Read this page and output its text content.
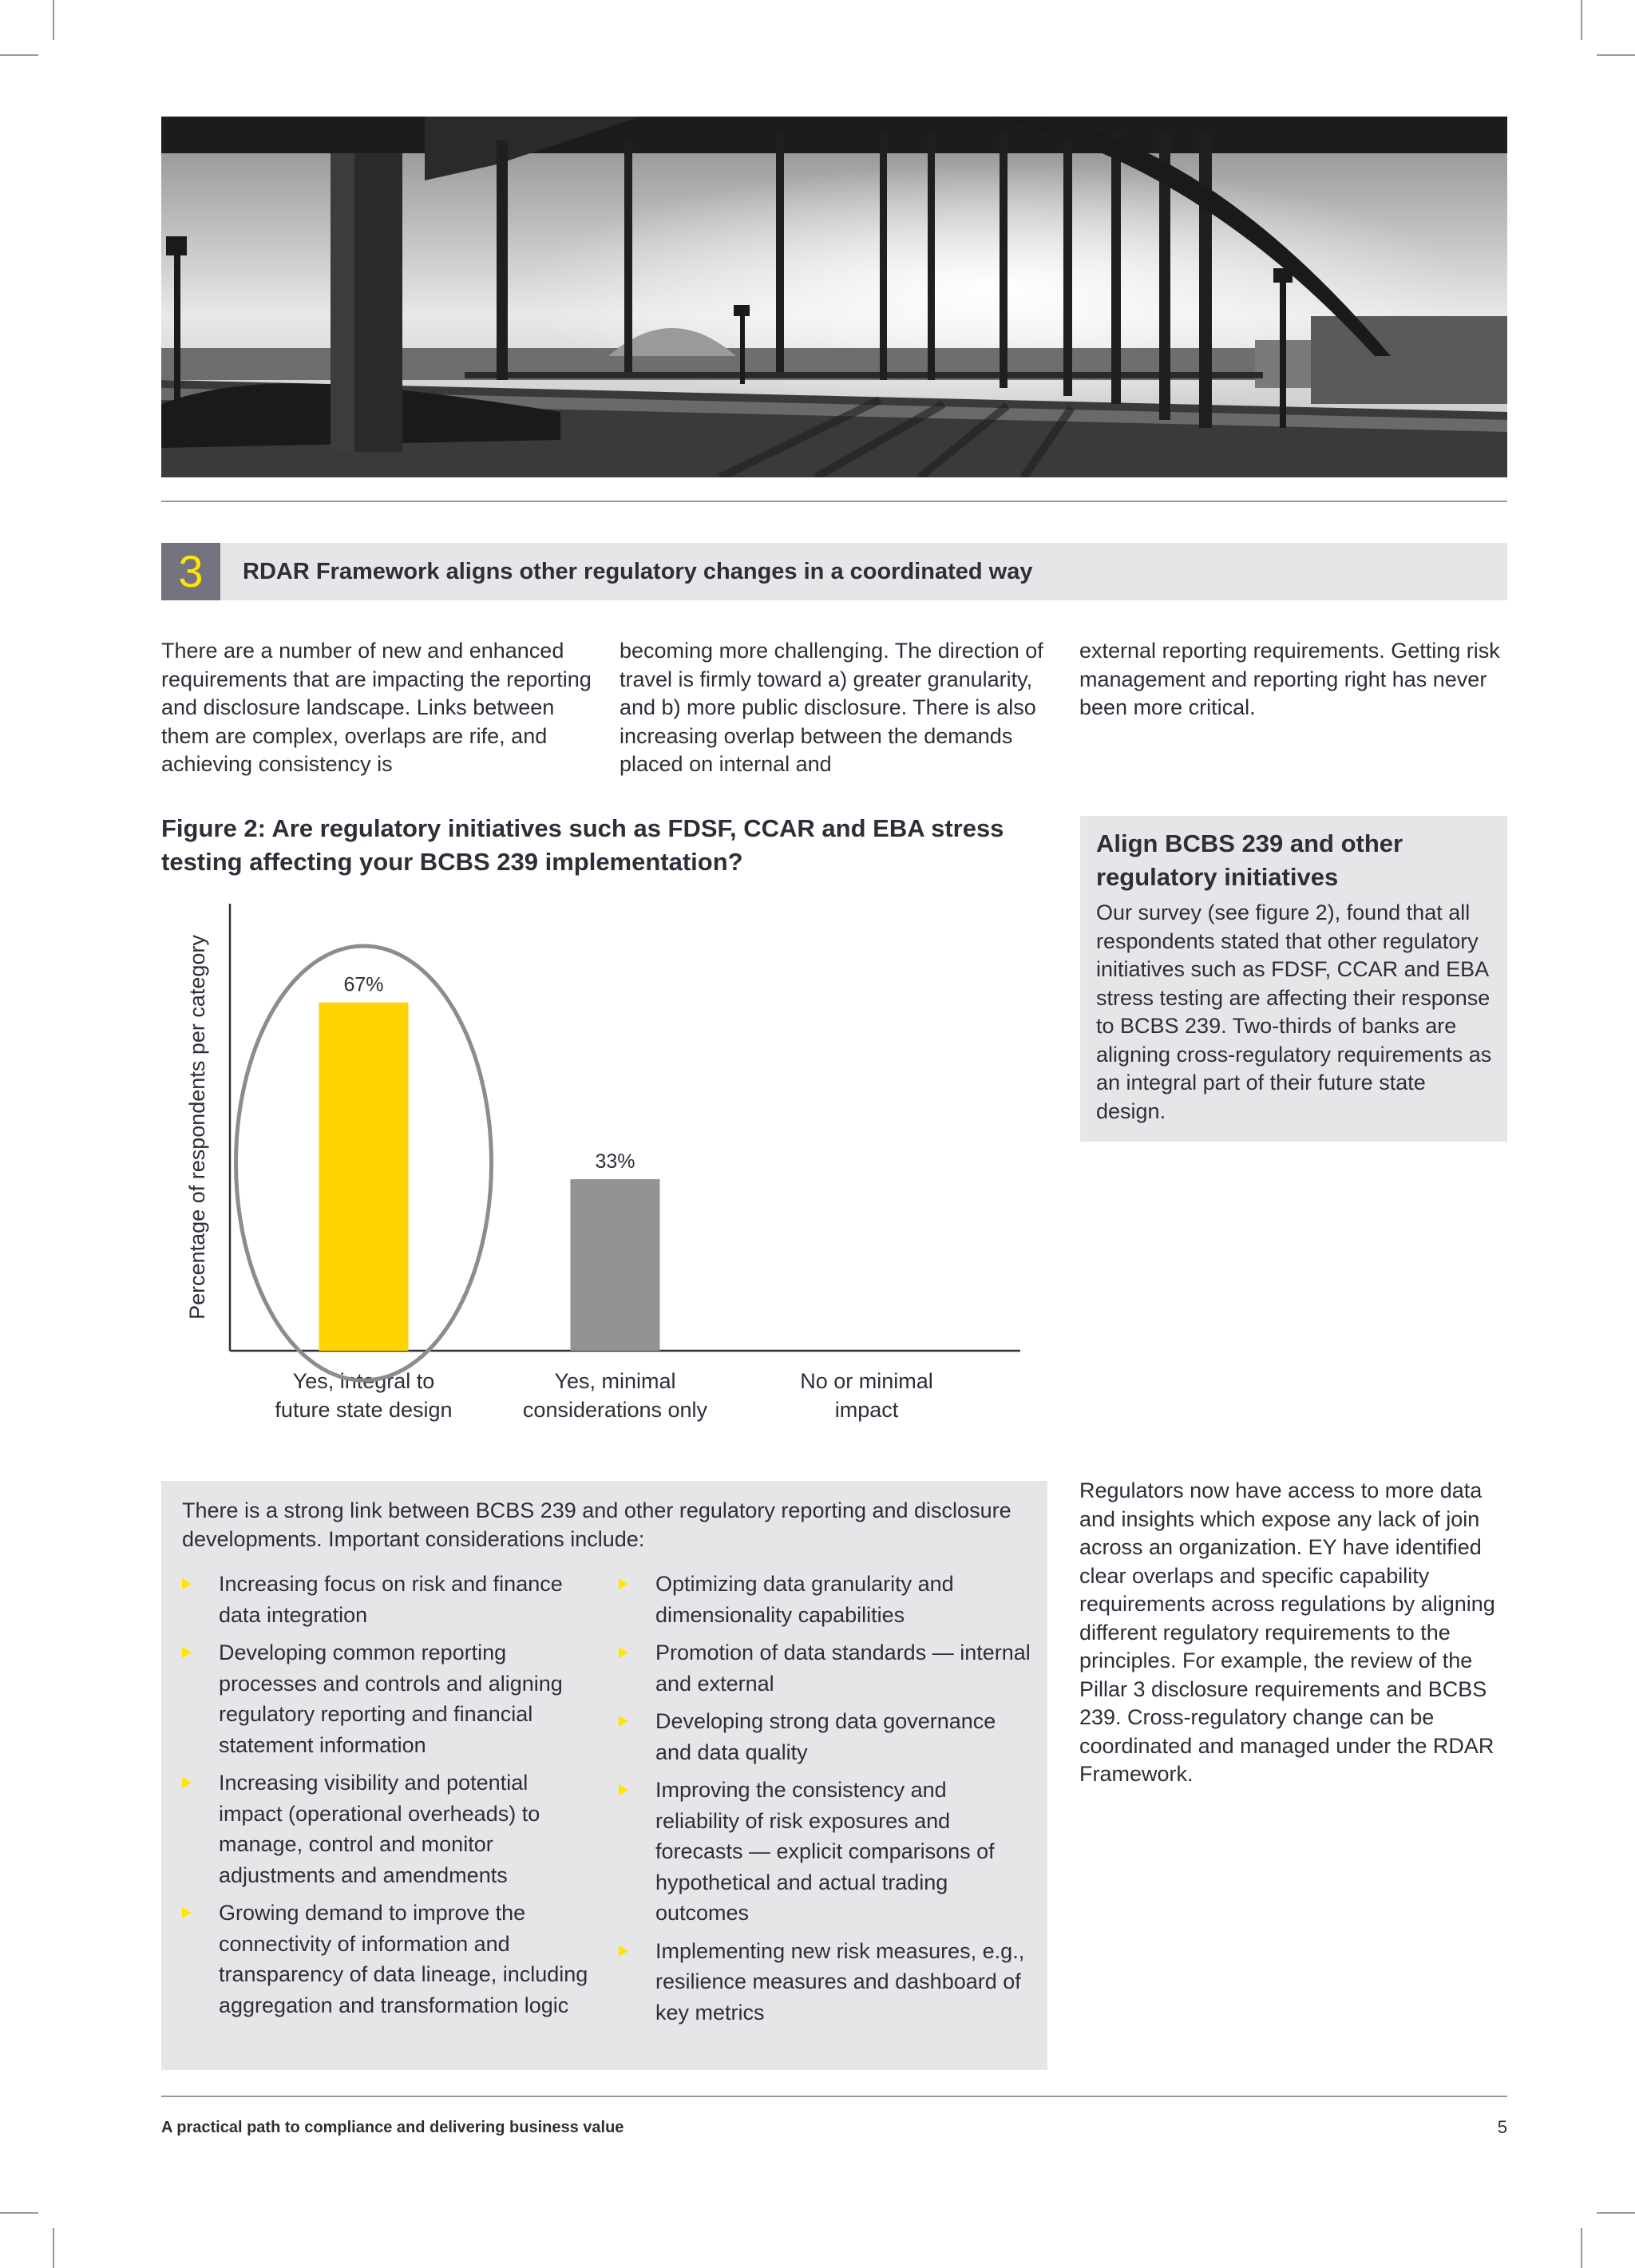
3	RDAR Framework aligns other regulatory changes in a coordinated way
There are a number of new and enhanced requirements that are impacting the reporting and disclosure landscape. Links between them are complex, overlaps are rife, and achieving consistency is
becoming more challenging. The direction of travel is firmly toward a) greater granularity, and b) more public disclosure. There is also increasing overlap between the demands placed on internal and
external reporting requirements. Getting risk management and reporting right has never been more critical.
Figure 2: Are regulatory initiatives such as FDSF, CCAR and EBA stress testing affecting your BCBS 239 implementation?
Percentage of respondents per category	67%
Yes, integral to
future state design
33%
Yes, minimal
considerations only
No or minimal
impact
Align BCBS 239 and other regulatory initiatives

Our survey (see figure 2), found that all respondents stated that other regulatory initiatives such as FDSF, CCAR and EBA stress testing are affecting their response to BCBS 239. Two-thirds of banks are aligning cross-regulatory requirements as an integral part of their future state design.

There is a strong link between BCBS 239 and other regulatory reporting and disclosure developments. Important considerations include:
Increasing focus on risk and finance data integration
Developing common reporting processes and controls and aligning regulatory reporting and financial statement information
Increasing visibility and potential impact (operational overheads) to manage, control and monitor adjustments and amendments
Growing demand to improve the connectivity of information and transparency of data lineage, including aggregation and transformation logic
Optimizing data granularity and dimensionality capabilities
Promotion of data standards — internal and external
Developing strong data governance and data quality
Improving the consistency and reliability of risk exposures and forecasts — explicit comparisons of hypothetical and actual trading outcomes
Implementing new risk measures, e.g., resilience measures and dashboard of key metrics
Regulators now have access to more data and insights which expose any lack of join across an organization. EY have identified clear overlaps and specific capability requirements across regulations by aligning different regulatory requirements to the principles. For example, the review of the Pillar 3 disclosure requirements and BCBS 239. Cross-regulatory change can be coordinated and managed under the RDAR Framework.
A practical path to compliance and delivering business value	5
